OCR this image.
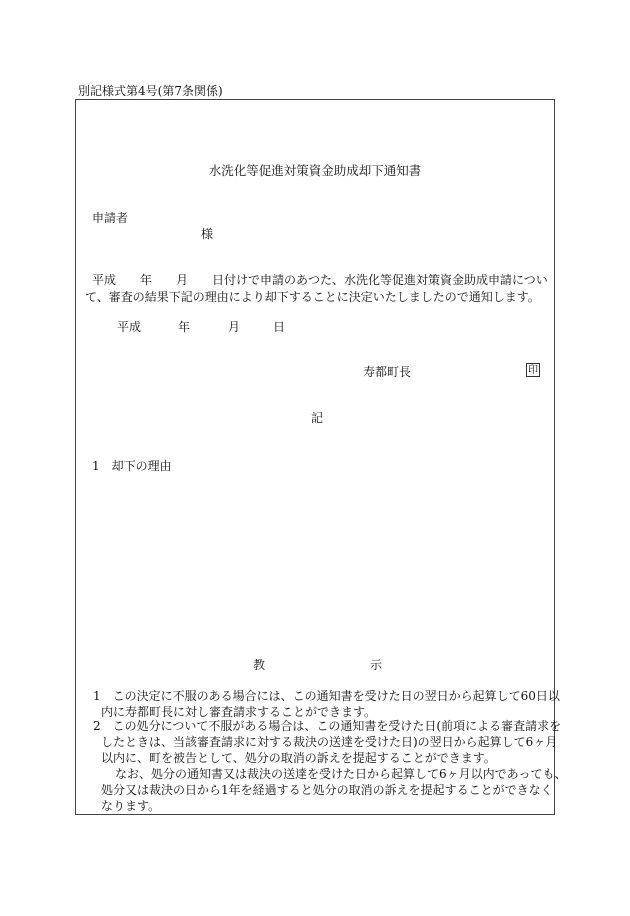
別記様式第4号(第7条関係)
水洗化等促進対策資金助成却下通知書
申請者
様
平成　　年　　月　　日付けで申請のあつた、水洗化等促進対策資金助成申請につい
て、審査の結果下記の理由により却下することに決定いたしましたので通知します。
平成	年	月	日
寿都町長	印
記
1　却下の理由
教	示
1　この決定に不服のある場合には、この通知書を受けた日の翌日から起算して60日以
内に寿都町長に対し審査請求することができます。
2　この処分について不服がある場合は、この通知書を受けた日(前項による審査請求を
したときは、当該審査請求に対する裁決の送達を受けた日)の翌日から起算して6ヶ月
以内に、町を被告として、処分の取消の訴えを提起することができます。
なお、処分の通知書又は裁決の送達を受けた日から起算して6ヶ月以内であっても、
処分又は裁決の日から1年を経過すると処分の取消の訴えを提起することができなく
なります。
